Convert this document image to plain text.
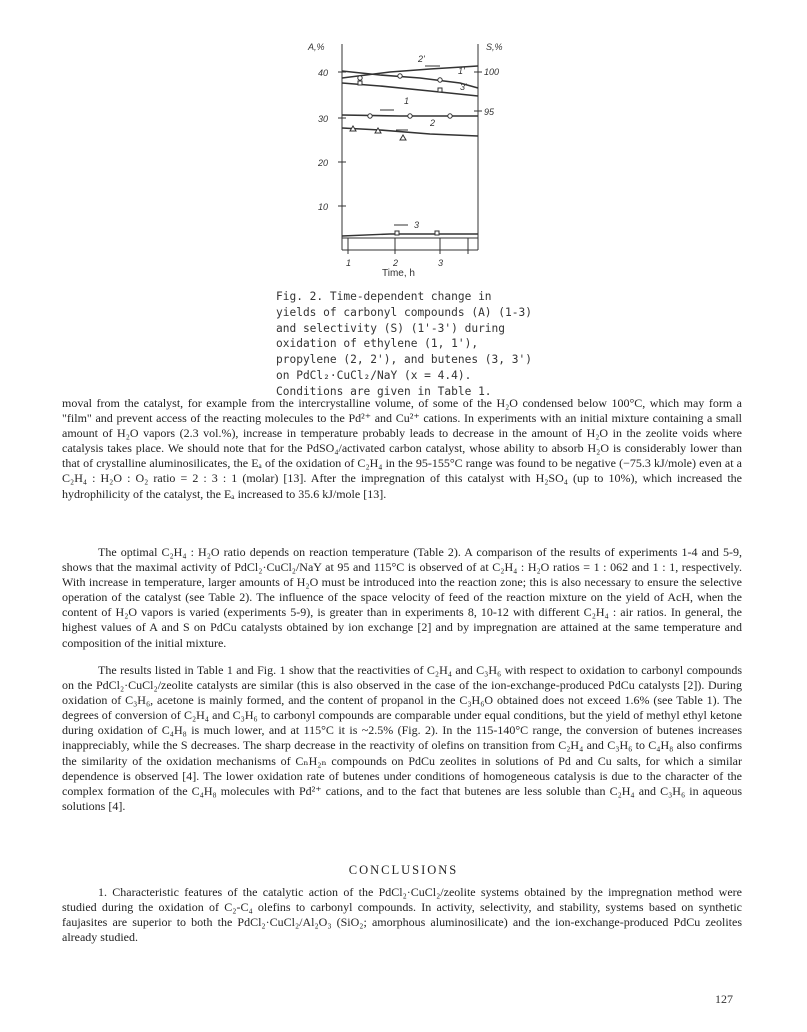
A,%	S,%
40
30
20
10
100
95
1	2	3
Time, h
2'
1'
3'
1
2
3
Fig. 2. Time-dependent change in yields of carbonyl compounds (A) (1-3) and selectivity (S) (1'-3') during oxidation of ethylene (1, 1'), propylene (2, 2'), and butenes (3, 3') on PdCl₂·CuCl₂/NaY (x = 4.4). Conditions are given in Table 1.

moval from the catalyst, for example from the intercrystalline volume, of some of the H₂O condensed below 100°C, which may form a "film" and prevent access of the reacting molecules to the Pd²⁺ and Cu²⁺ cations. In experiments with an initial mixture containing a small amount of H₂O vapors (2.3 vol.%), increase in temperature probably leads to decrease in the amount of H₂O in the zeolite voids where catalysis takes place. We should note that for the PdSO₄/activated carbon catalyst, whose ability to absorb H₂O is considerably lower than that of crystalline aluminosilicates, the Eₐ of the oxidation of C₂H₄ in the 95-155°C range was found to be negative (−75.3 kJ/mole) even at a C₂H₄ : H₂O : O₂ ratio = 2 : 3 : 1 (molar) [13]. After the impregnation of this catalyst with H₂SO₄ (up to 10%), which increased the hydrophilicity of the catalyst, the Eₐ increased to 35.6 kJ/mole [13].

The optimal C₂H₄ : H₂O ratio depends on reaction temperature (Table 2). A comparison of the results of experiments 1-4 and 5-9, shows that the maximal activity of PdCl₂·CuCl₂/NaY at 95 and 115°C is observed of at C₂H₄ : H₂O ratios = 1 : 062 and 1 : 1, respectively. With increase in temperature, larger amounts of H₂O must be introduced into the reaction zone; this is also necessary to ensure the selective operation of the catalyst (see Table 2). The influence of the space velocity of feed of the reaction mixture on the yield of AcH, when the content of H₂O vapors is varied (experiments 5-9), is greater than in experiments 8, 10-12 with different C₂H₄ : air ratios. In general, the highest values of A and S on PdCu catalysts obtained by ion exchange [2] and by impregnation are attained at the same temperature and composition of the initial mixture.

The results listed in Table 1 and Fig. 1 show that the reactivities of C₂H₄ and C₃H₆ with respect to oxidation to carbonyl compounds on the PdCl₂·CuCl₂/zeolite catalysts are similar (this is also observed in the case of the ion-exchange-produced PdCu catalysts [2]). During oxidation of C₃H₆, acetone is mainly formed, and the content of propanol in the C₃H₆O obtained does not exceed 1.6% (see Table 1). The degrees of conversion of C₂H₄ and C₃H₆ to carbonyl compounds are comparable under equal conditions, but the yield of methyl ethyl ketone during oxidation of C₄H₈ is much lower, and at 115°C it is ~2.5% (Fig. 2). In the 115-140°C range, the conversion of butenes increases inappreciably, while the S decreases. The sharp decrease in the reactivity of olefins on transition from C₂H₄ and C₃H₆ to C₄H₈ also confirms the similarity of the oxidation mechanisms of CₙH₂ₙ compounds on PdCu zeolites in solutions of Pd and Cu salts, for which a similar dependence is observed [4]. The lower oxidation rate of butenes under conditions of homogeneous catalysis is due to the character of the complex formation of the C₄H₈ molecules with Pd²⁺ cations, and to the fact that butenes are less soluble than C₂H₄ and C₃H₆ in aqueous solutions [4].

CONCLUSIONS

1. Characteristic features of the catalytic action of the PdCl₂·CuCl₂/zeolite systems obtained by the impregnation method were studied during the oxidation of C₂-C₄ olefins to carbonyl compounds. In activity, selectivity, and stability, systems based on synthetic faujasites are superior to both the PdCl₂·CuCl₂/Al₂O₃ (SiO₂; amorphous aluminosilicate) and the ion-exchange-produced PdCu zeolites already studied.

127
